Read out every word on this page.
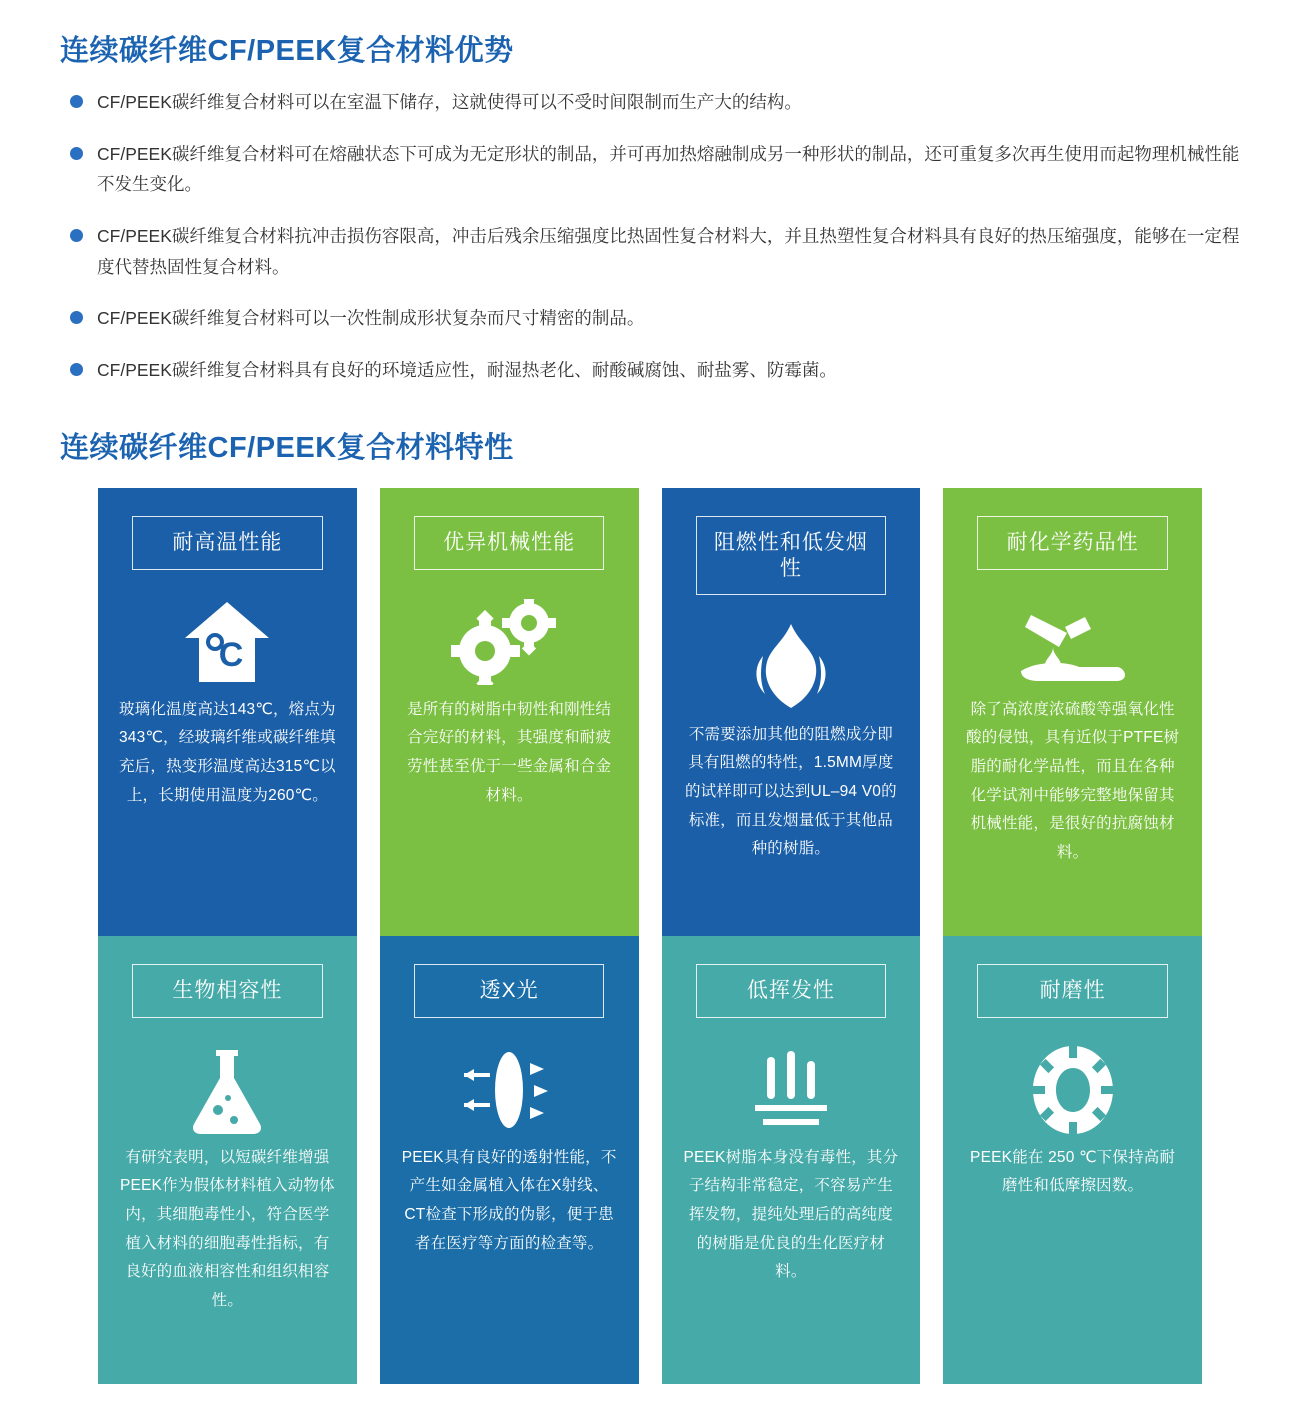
连续碳纤维CF/PEEK复合材料优势
CF/PEEK碳纤维复合材料可以在室温下储存，这就使得可以不受时间限制而生产大的结构。
CF/PEEK碳纤维复合材料可在熔融状态下可成为无定形状的制品，并可再加热熔融制成另一种形状的制品，还可重复多次再生使用而起物理机械性能不发生变化。
CF/PEEK碳纤维复合材料抗冲击损伤容限高，冲击后残余压缩强度比热固性复合材料大，并且热塑性复合材料具有良好的热压缩强度，能够在一定程度代替热固性复合材料。
CF/PEEK碳纤维复合材料可以一次性制成形状复杂而尺寸精密的制品。
CF/PEEK碳纤维复合材料具有良好的环境适应性，耐湿热老化、耐酸碱腐蚀、耐盐雾、防霉菌。
连续碳纤维CF/PEEK复合材料特性
耐高温性能
C
玻璃化温度高达143℃，熔点为343℃，经玻璃纤维或碳纤维填充后，热变形温度高达315℃以上，长期使用温度为260℃。
优异机械性能
是所有的树脂中韧性和刚性结合完好的材料，其强度和耐疲劳性甚至优于一些金属和合金材料。
阻燃性和低发烟性
不需要添加其他的阻燃成分即具有阻燃的特性，1.5MM厚度的试样即可以达到UL–94 V0的标准，而且发烟量低于其他品种的树脂。
耐化学药品性
除了高浓度浓硫酸等强氧化性酸的侵蚀，具有近似于PTFE树脂的耐化学品性，而且在各种化学试剂中能够完整地保留其机械性能，是很好的抗腐蚀材料。
生物相容性
有研究表明，以短碳纤维增强PEEK作为假体材料植入动物体内，其细胞毒性小，符合医学植入材料的细胞毒性指标，有良好的血液相容性和组织相容性。
透X光
PEEK具有良好的透射性能，不产生如金属植入体在X射线、CT检查下形成的伪影，便于患者在医疗等方面的检查等。
低挥发性
PEEK树脂本身没有毒性，其分子结构非常稳定，不容易产生挥发物，提纯处理后的高纯度的树脂是优良的生化医疗材料。
耐磨性
PEEK能在 250 ℃下保持高耐磨性和低摩擦因数。
